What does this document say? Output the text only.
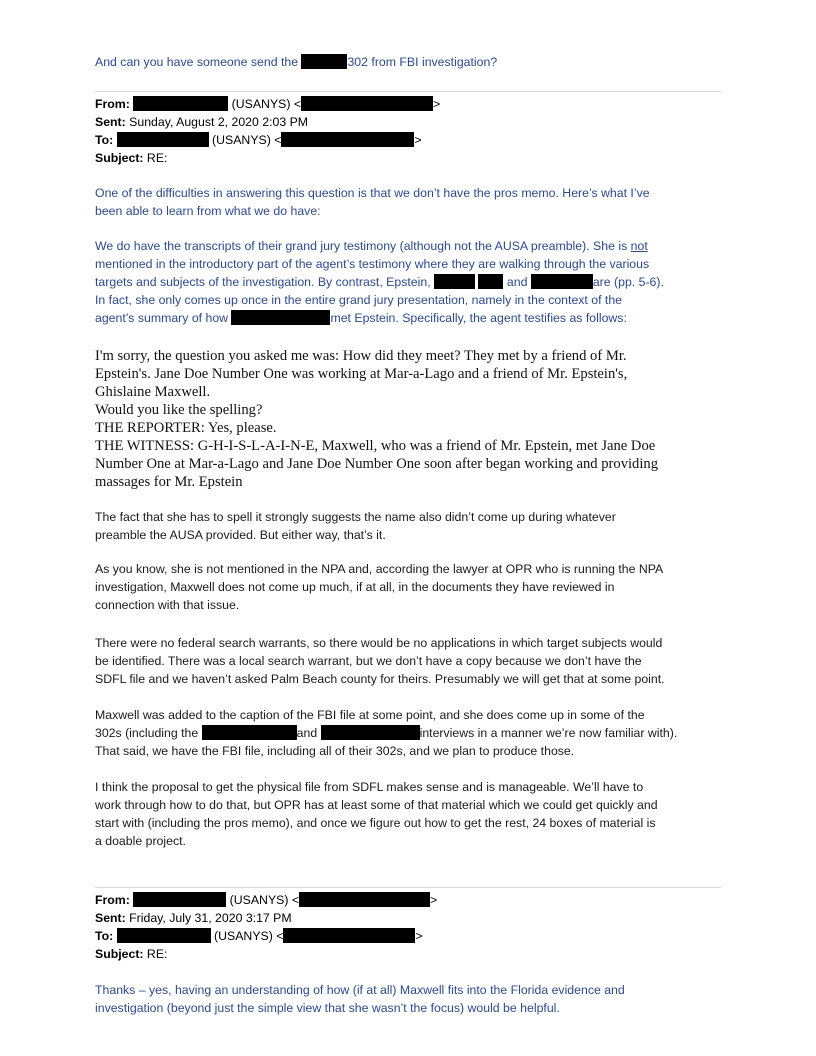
And can you have someone send the	302 from FBI investigation?
From:	(USANYS) <	>
Sent: Sunday, August 2, 2020 2:03 PM
To:	(USANYS) <	>
Subject: RE:
One of the difficulties in answering this question is that we don’t have the pros memo. Here’s what I’ve
been able to learn from what we do have:
We do have the transcripts of their grand jury testimony (although not the AUSA preamble). She is not
mentioned in the introductory part of the agent’s testimony where they are walking through the various
targets and subjects of the investigation. By contrast, Epstein,	and	are (pp. 5-6).
In fact, she only comes up once in the entire grand jury presentation, namely in the context of the
agent’s summary of how	met Epstein. Specifically, the agent testifies as follows:
I'm sorry, the question you asked me was: How did they meet? They met by a friend of Mr.
Epstein's. Jane Doe Number One was working at Mar-a-Lago and a friend of Mr. Epstein's,
Ghislaine Maxwell.
Would you like the spelling?
THE REPORTER: Yes, please.
THE WITNESS: G-H-I-S-L-A-I-N-E, Maxwell, who was a friend of Mr. Epstein, met Jane Doe
Number One at Mar-a-Lago and Jane Doe Number One soon after began working and providing
massages for Mr. Epstein
The fact that she has to spell it strongly suggests the name also didn’t come up during whatever
preamble the AUSA provided. But either way, that’s it.
As you know, she is not mentioned in the NPA and, according the lawyer at OPR who is running the NPA
investigation, Maxwell does not come up much, if at all, in the documents they have reviewed in
connection with that issue.
There were no federal search warrants, so there would be no applications in which target subjects would
be identified. There was a local search warrant, but we don’t have a copy because we don’t have the
SDFL file and we haven’t asked Palm Beach county for theirs. Presumably we will get that at some point.
Maxwell was added to the caption of the FBI file at some point, and she does come up in some of the
302s (including the	and	interviews in a manner we’re now familiar with).
That said, we have the FBI file, including all of their 302s, and we plan to produce those.
I think the proposal to get the physical file from SDFL makes sense and is manageable. We’ll have to
work through how to do that, but OPR has at least some of that material which we could get quickly and
start with (including the pros memo), and once we figure out how to get the rest, 24 boxes of material is
a doable project.
From:	(USANYS) <	>
Sent: Friday, July 31, 2020 3:17 PM
To:	(USANYS) <	>
Subject: RE:
Thanks – yes, having an understanding of how (if at all) Maxwell fits into the Florida evidence and
investigation (beyond just the simple view that she wasn’t the focus) would be helpful.
